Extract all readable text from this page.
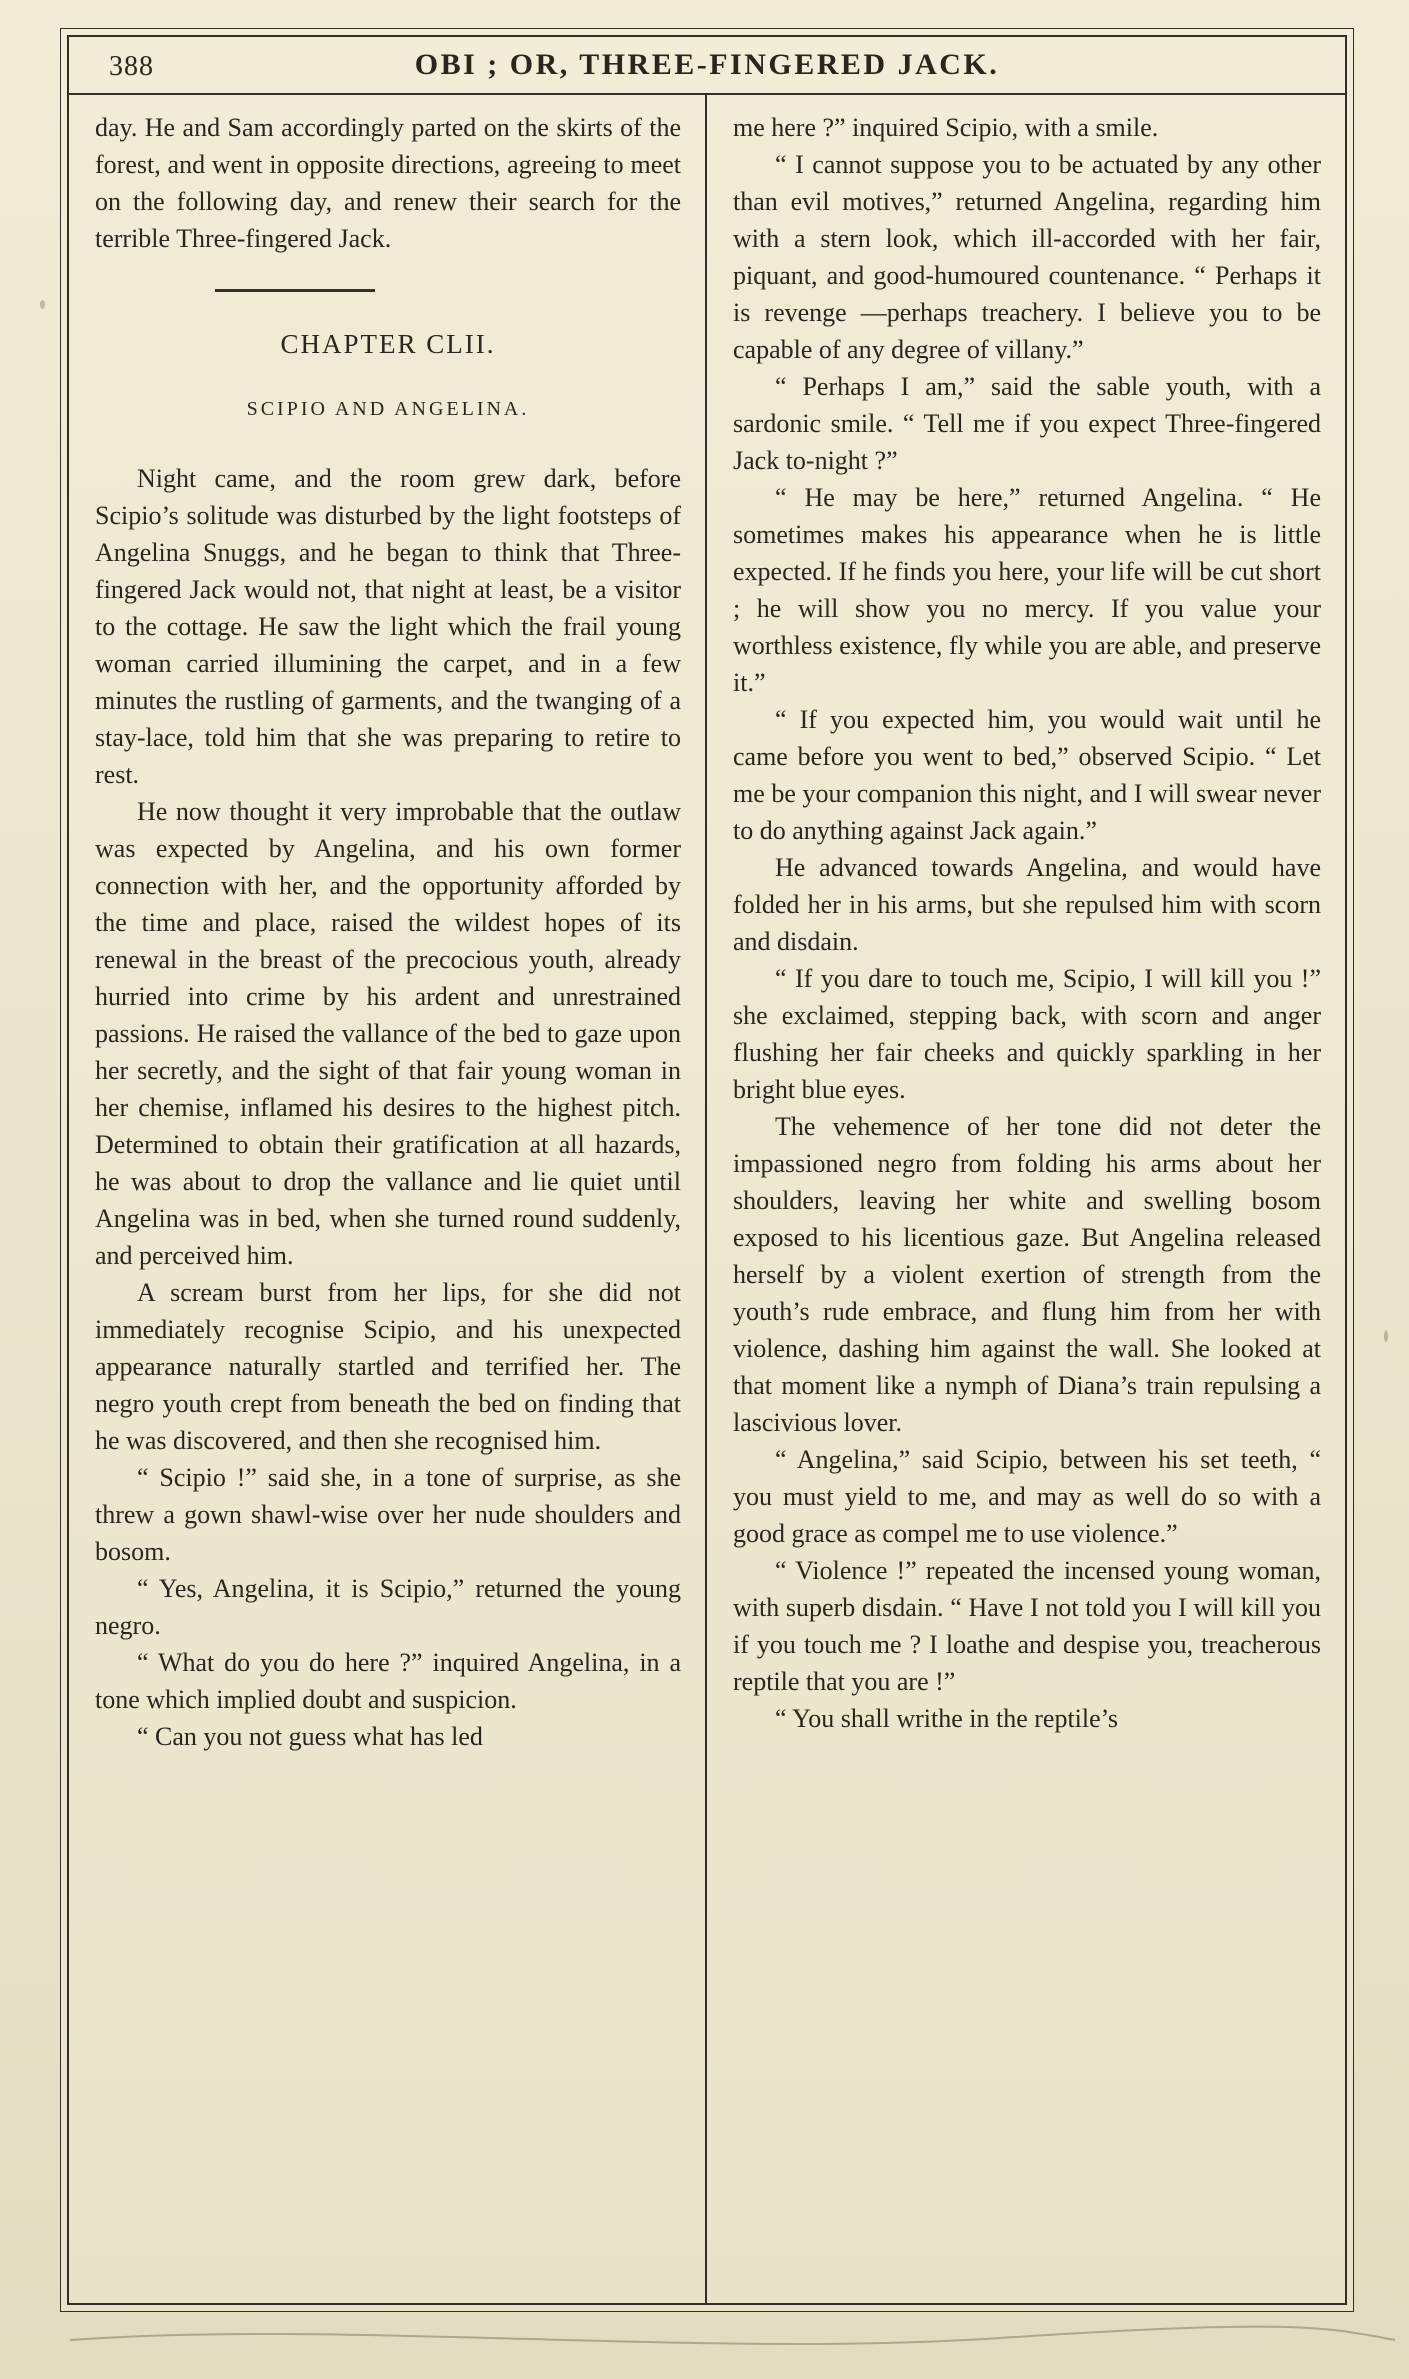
388	OBI ; OR, THREE-FINGERED JACK.

day. He and Sam accordingly parted on the skirts of the forest, and went in opposite directions, agreeing to meet on the following day, and renew their search for the terrible Three-fingered Jack.

CHAPTER CLII.
SCIPIO AND ANGELINA.

Night came, and the room grew dark, before Scipio’s solitude was disturbed by the light footsteps of Angelina Snuggs, and he began to think that Three-fingered Jack would not, that night at least, be a visitor to the cottage. He saw the light which the frail young woman carried illumining the carpet, and in a few minutes the rustling of garments, and the twanging of a stay-lace, told him that she was preparing to retire to rest.

He now thought it very improbable that the outlaw was expected by Angelina, and his own former connection with her, and the opportunity afforded by the time and place, raised the wildest hopes of its renewal in the breast of the precocious youth, already hurried into crime by his ardent and unrestrained passions. He raised the vallance of the bed to gaze upon her secretly, and the sight of that fair young woman in her chemise, inflamed his desires to the highest pitch. Determined to obtain their gratification at all hazards, he was about to drop the vallance and lie quiet until Angelina was in bed, when she turned round suddenly, and perceived him.

A scream burst from her lips, for she did not immediately recognise Scipio, and his unexpected appearance naturally startled and terrified her. The negro youth crept from beneath the bed on finding that he was discovered, and then she recognised him.

“ Scipio !” said she, in a tone of surprise, as she threw a gown shawl-wise over her nude shoulders and bosom.

“ Yes, Angelina, it is Scipio,” returned the young negro.

“ What do you do here ?” inquired Angelina, in a tone which implied doubt and suspicion.

“ Can you not guess what has led

me here ?” inquired Scipio, with a smile.

“ I cannot suppose you to be actuated by any other than evil motives,” returned Angelina, regarding him with a stern look, which ill-accorded with her fair, piquant, and good-humoured countenance. “ Perhaps it is revenge —perhaps treachery. I believe you to be capable of any degree of villany.”

“ Perhaps I am,” said the sable youth, with a sardonic smile. “ Tell me if you expect Three-fingered Jack to-night ?”

“ He may be here,” returned Angelina. “ He sometimes makes his appearance when he is little expected. If he finds you here, your life will be cut short ; he will show you no mercy. If you value your worthless existence, fly while you are able, and preserve it.”

“ If you expected him, you would wait until he came before you went to bed,” observed Scipio. “ Let me be your companion this night, and I will swear never to do anything against Jack again.”

He advanced towards Angelina, and would have folded her in his arms, but she repulsed him with scorn and disdain.

“ If you dare to touch me, Scipio, I will kill you !” she exclaimed, stepping back, with scorn and anger flushing her fair cheeks and quickly sparkling in her bright blue eyes.

The vehemence of her tone did not deter the impassioned negro from folding his arms about her shoulders, leaving her white and swelling bosom exposed to his licentious gaze. But Angelina released herself by a violent exertion of strength from the youth’s rude embrace, and flung him from her with violence, dashing him against the wall. She looked at that moment like a nymph of Diana’s train repulsing a lascivious lover.

“ Angelina,” said Scipio, between his set teeth, “ you must yield to me, and may as well do so with a good grace as compel me to use violence.”

“ Violence !” repeated the incensed young woman, with superb disdain. “ Have I not told you I will kill you if you touch me ? I loathe and despise you, treacherous reptile that you are !”

“ You shall writhe in the reptile’s
